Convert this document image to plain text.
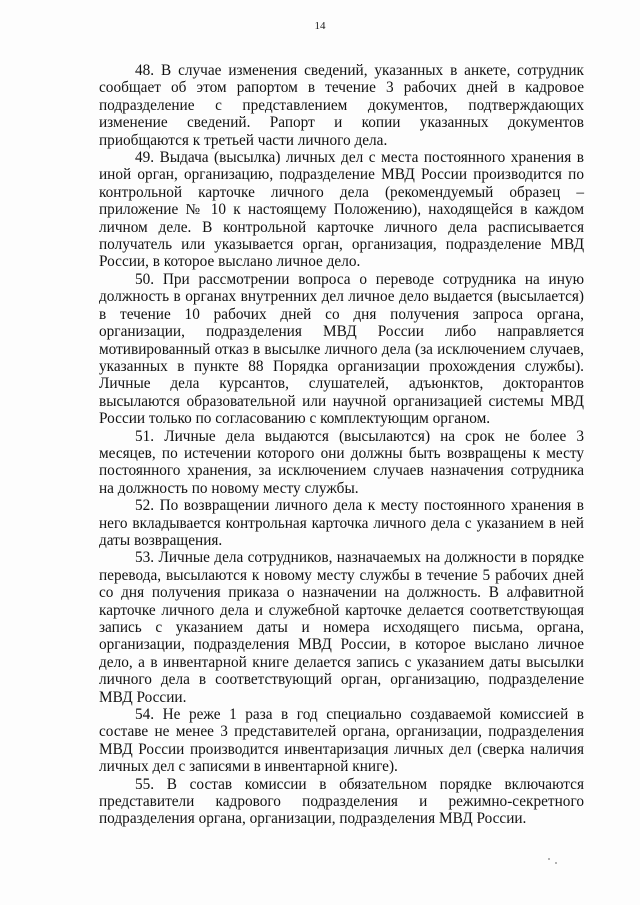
14

48. В случае изменения сведений, указанных в анкете, сотрудник сообщает об этом рапортом в течение 3 рабочих дней в кадровое подразделение с представлением документов, подтверждающих изменение сведений. Рапорт и копии указанных документов приобщаются к третьей части личного дела.

49. Выдача (высылка) личных дел с места постоянного хранения в иной орган, организацию, подразделение МВД России производится по контрольной карточке личного дела (рекомендуемый образец – приложение № 10 к настоящему Положению), находящейся в каждом личном деле. В контрольной карточке личного дела расписывается получатель или указывается орган, организация, подразделение МВД России, в которое выслано личное дело.

50. При рассмотрении вопроса о переводе сотрудника на иную должность в органах внутренних дел личное дело выдается (высылается) в течение 10 рабочих дней со дня получения запроса органа, организации, подразделения МВД России либо направляется мотивированный отказ в высылке личного дела (за исключением случаев, указанных в пункте 88 Порядка организации прохождения службы). Личные дела курсантов, слушателей, адъюнктов, докторантов высылаются образовательной или научной организацией системы МВД России только по согласованию с комплектующим органом.

51. Личные дела выдаются (высылаются) на срок не более 3 месяцев, по истечении которого они должны быть возвращены к месту постоянного хранения, за исключением случаев назначения сотрудника на должность по новому месту службы.

52. По возвращении личного дела к месту постоянного хранения в него вкладывается контрольная карточка личного дела с указанием в ней даты возвращения.

53. Личные дела сотрудников, назначаемых на должности в порядке перевода, высылаются к новому месту службы в течение 5 рабочих дней со дня получения приказа о назначении на должность. В алфавитной карточке личного дела и служебной карточке делается соответствующая запись с указанием даты и номера исходящего письма, органа, организации, подразделения МВД России, в которое выслано личное дело, а в инвентарной книге делается запись с указанием даты высылки личного дела в соответствующий орган, организацию, подразделение МВД России.

54. Не реже 1 раза в год специально создаваемой комиссией в составе не менее 3 представителей органа, организации, подразделения МВД России производится инвентаризация личных дел (сверка наличия личных дел с записями в инвентарной книге).

55. В состав комиссии в обязательном порядке включаются представители кадрового подразделения и режимно-секретного подразделения органа, организации, подразделения МВД России.
